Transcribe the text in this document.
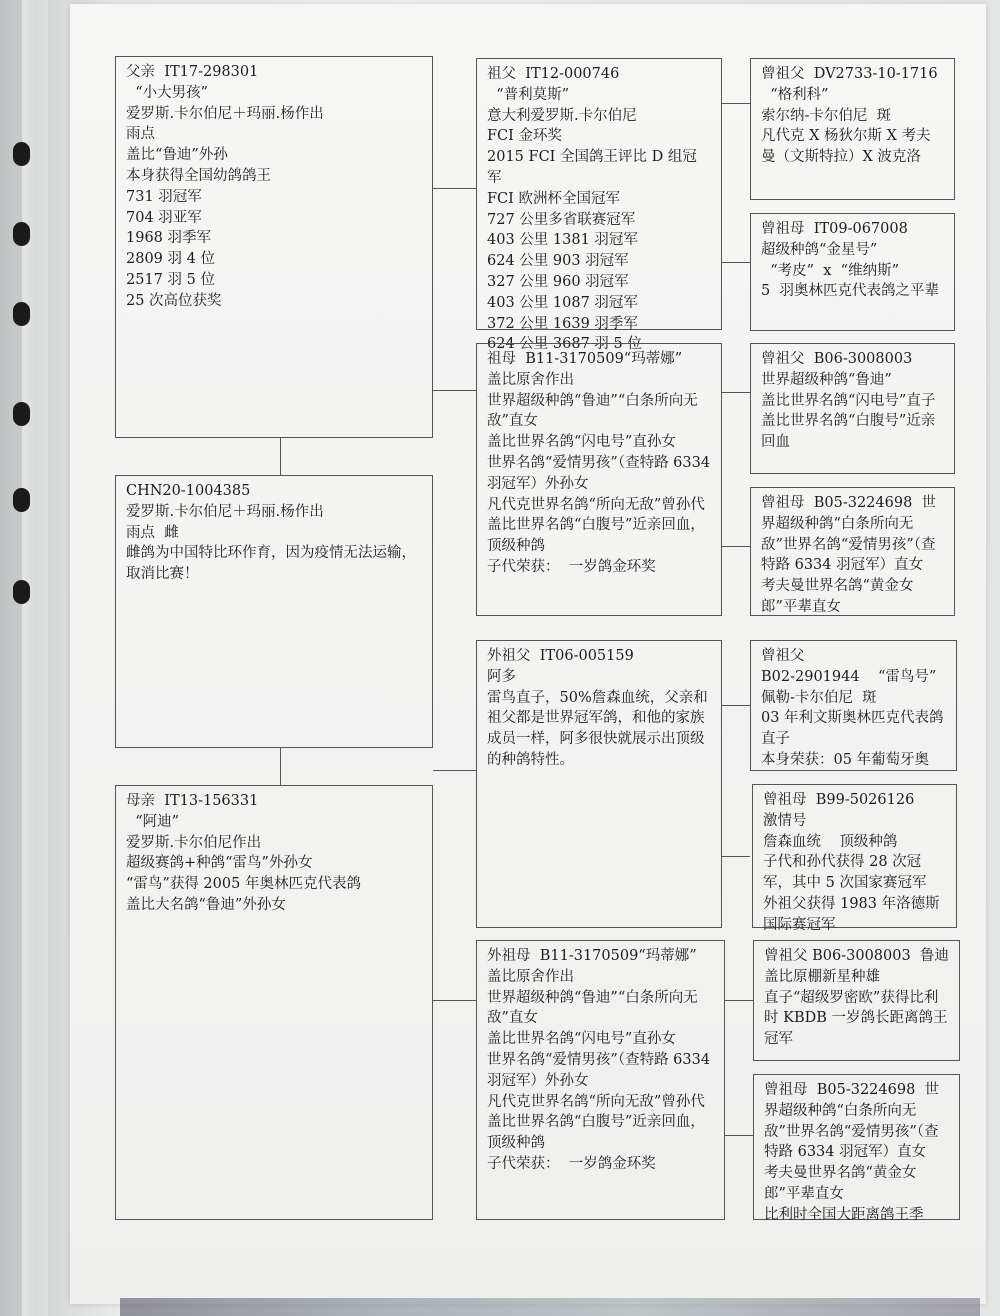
父亲  IT17-298301
“小大男孩”
爱罗斯.卡尔伯尼＋玛丽.杨作出
雨点
盖比“鲁迪”外孙
本身获得全国幼鸽鸽王
731 羽冠军
704 羽亚军
1968 羽季军
2809 羽 4 位
2517 羽 5 位
25 次高位获奖
CHN20-1004385
爱罗斯.卡尔伯尼＋玛丽.杨作出
雨点  雌
雌鸽为中国特比环作育，因为疫情无法运输，取消比赛！
母亲  IT13-156331
“阿迪”
爱罗斯.卡尔伯尼作出
超级赛鸽+种鸽“雷鸟”外孙女
“雷鸟”获得 2005 年奥林匹克代表鸽
盖比大名鸽“鲁迪”外孙女
祖父  IT12-000746
“普利莫斯”
意大利爱罗斯.卡尔伯尼
FCI 金环奖
2015 FCI 全国鸽王评比 D 组冠军
FCI 欧洲杯全国冠军
727 公里多省联赛冠军
403 公里 1381 羽冠军
624 公里 903 羽冠军
327 公里 960 羽冠军
403 公里 1087 羽冠军
372 公里 1639 羽季军
624 公里 3687 羽 5 位
祖母  B11-3170509“玛蒂娜”
盖比原舍作出
世界超级种鸽“鲁迪”“白条所向无敌”直女
盖比世界名鸽“闪电号”直孙女
世界名鸽“爱情男孩”（查特路 6334 羽冠军）外孙女
凡代克世界名鸽“所向无敌”曾孙代
盖比世界名鸽“白腹号”近亲回血，顶级种鸽
子代荣获：  一岁鸽金环奖
外祖父  IT06-005159
阿多
雷鸟直子，50%詹森血统，父亲和祖父都是世界冠军鸽，和他的家族成员一样，阿多很快就展示出顶级的种鸽特性。
外祖母  B11-3170509“玛蒂娜”
盖比原舍作出
世界超级种鸽“鲁迪”“白条所向无敌”直女
盖比世界名鸽“闪电号”直孙女
世界名鸽“爱情男孩”（查特路 6334 羽冠军）外孙女
凡代克世界名鸽“所向无敌”曾孙代
盖比世界名鸽“白腹号”近亲回血，顶级种鸽
子代荣获：  一岁鸽金环奖
曾祖父  DV2733-10-1716
“格利科”
索尔纳-卡尔伯尼  斑
凡代克 X 杨狄尔斯 X 考夫曼（文斯特拉）X 波克洛
曾祖母  IT09-067008
超级种鸽“金星号”
“考皮”  x  “维纳斯”
5  羽奥林匹克代表鸽之平辈
曾祖父  B06-3008003
世界超级种鸽“鲁迪”
盖比世界名鸽“闪电号”直子
盖比世界名鸽“白腹号”近亲回血
曾祖母  B05-3224698  世界超级种鸽“白条所向无敌”世界名鸽“爱情男孩”（查特路 6334 羽冠军）直女
考夫曼世界名鸽“黄金女郎”平辈直女
曾祖父
B02-2901944    “雷鸟号”
佩勒-卡尔伯尼  斑
03 年利文斯奥林匹克代表鸽直子
本身荣获：05 年葡萄牙奥
曾祖母  B99-5026126
激情号
詹森血统    顶级种鸽
子代和孙代获得 28 次冠军，其中 5 次国家赛冠军
外祖父获得 1983 年洛德斯国际赛冠军
曾祖父 B06-3008003  鲁迪
盖比原棚新星种雄
直子“超级罗密欧”获得比利时 KBDB 一岁鸽长距离鸽王冠军
曾祖母  B05-3224698  世界超级种鸽“白条所向无敌”世界名鸽“爱情男孩”（查特路 6334 羽冠军）直女
考夫曼世界名鸽“黄金女郎”平辈直女
比利时全国大距离鸽王季
